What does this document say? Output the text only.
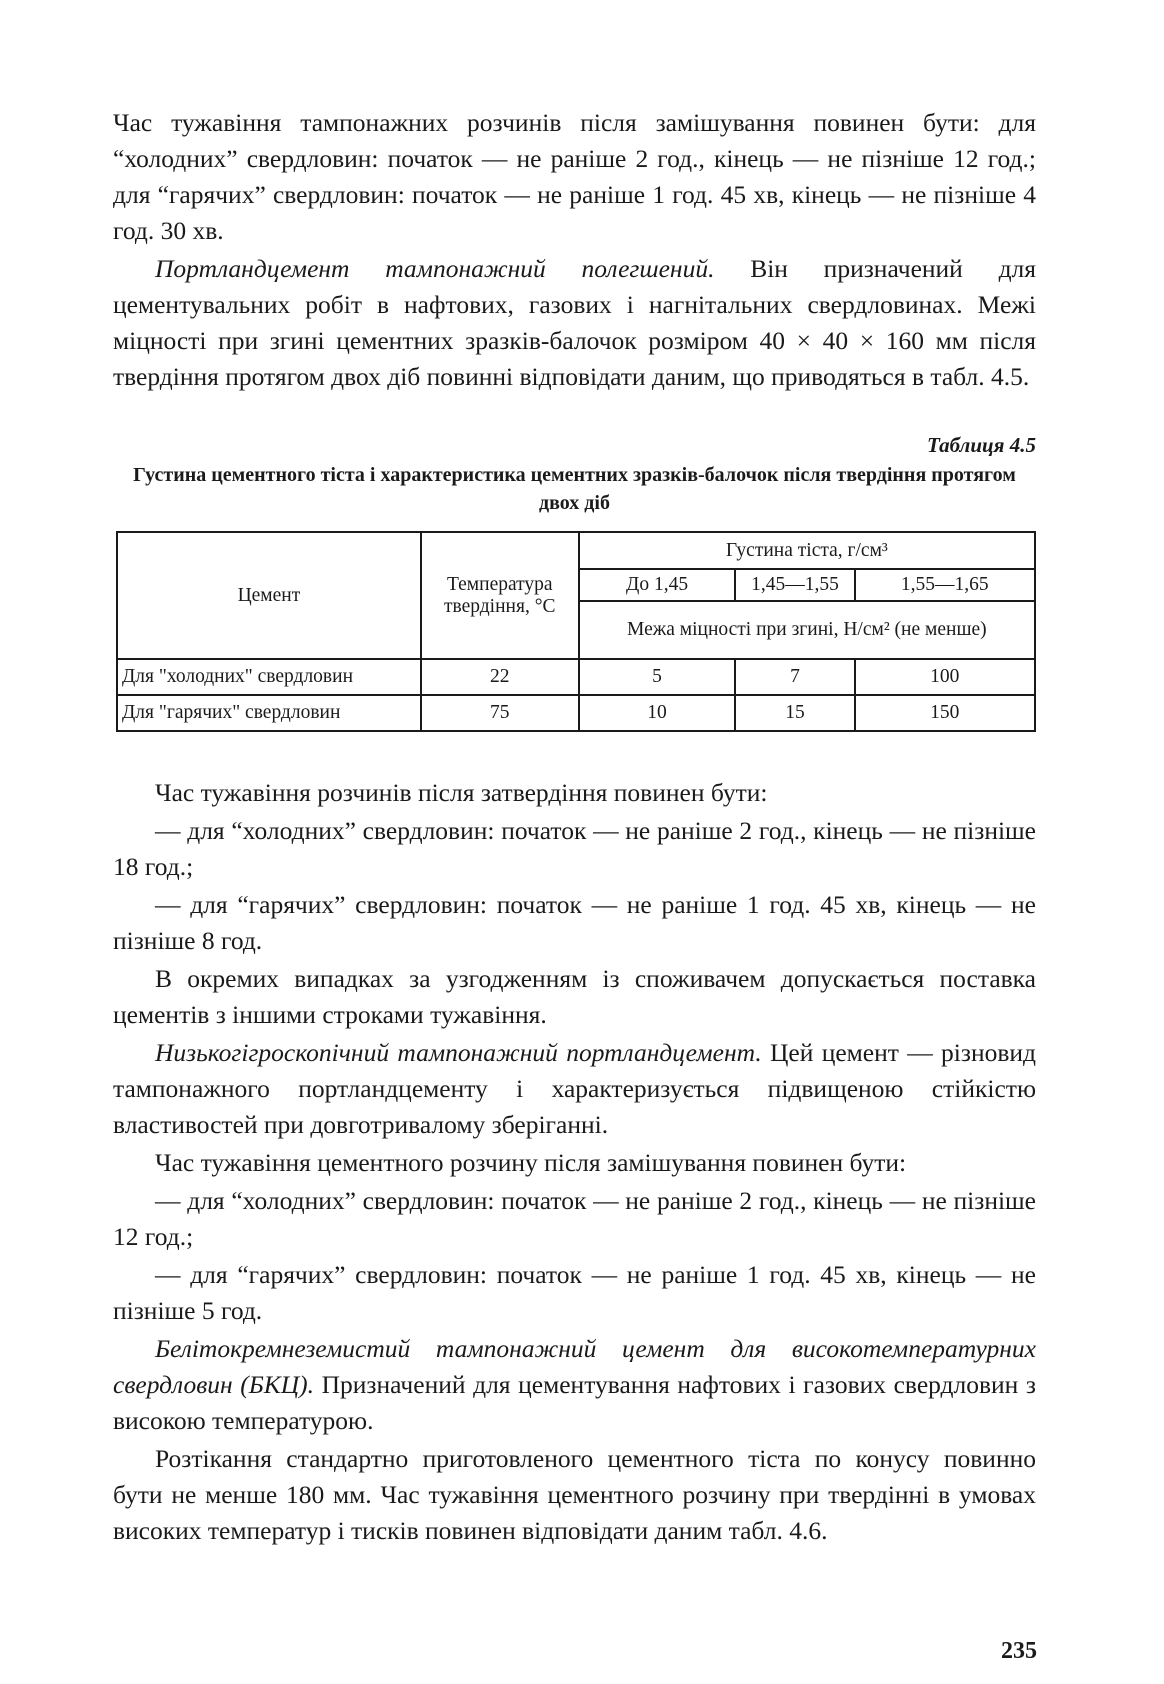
Час тужавіння тампонажних розчинів після замішування повинен бути: для “холодних” свердловин: початок — не раніше 2 год., кінець — не пізніше 12 год.; для “гарячих” свердловин: початок — не раніше 1 год. 45 хв, кінець — не пізніше 4 год. 30 хв.

Портландцемент тампонажний полегшений. Він призначений для цементувальних робіт в нафтових, газових і нагнітальних свердловинах. Межі міцності при згині цементних зразків-балочок розміром 40 × 40 × 160 мм після твердіння протягом двох діб повинні відповідати даним, що приводяться в табл. 4.5.

Таблиця 4.5
Густина цементного тіста і характеристика цементних зразків-балочок після твердіння протягом двох діб
Цемент	Температура твердіння, °С	Густина тіста, г/см³		
		До 1,45	1,45—1,55	1,55—1,65
		Межа міцності при згині, Н/см² (не менше)		
Для "холодних" свердловин	22	5	7	100
Для "гарячих" свердловин	75	10	15	150

Час тужавіння розчинів після затвердіння повинен бути:

— для “холодних” свердловин: початок — не раніше 2 год., кінець — не пізніше 18 год.;

— для “гарячих” свердловин: початок — не раніше 1 год. 45 хв, кінець — не пізніше 8 год.

В окремих випадках за узгодженням із споживачем допускається поставка цементів з іншими строками тужавіння.

Низькогігроскопічний тампонажний портландцемент. Цей цемент — різновид тампонажного портландцементу і характеризується підвищеною стійкістю властивостей при довготривалому зберіганні.

Час тужавіння цементного розчину після замішування повинен бути:

— для “холодних” свердловин: початок — не раніше 2 год., кінець — не пізніше 12 год.;

— для “гарячих” свердловин: початок — не раніше 1 год. 45 хв, кінець — не пізніше 5 год.

Белітокремнеземистий тампонажний цемент для високотемпературних свердловин (БКЦ). Призначений для цементування нафтових і газових свердловин з високою температурою.

Розтікання стандартно приготовленого цементного тіста по конусу повинно бути не менше 180 мм. Час тужавіння цементного розчину при твердінні в умовах високих температур і тисків повинен відповідати даним табл. 4.6.

235
